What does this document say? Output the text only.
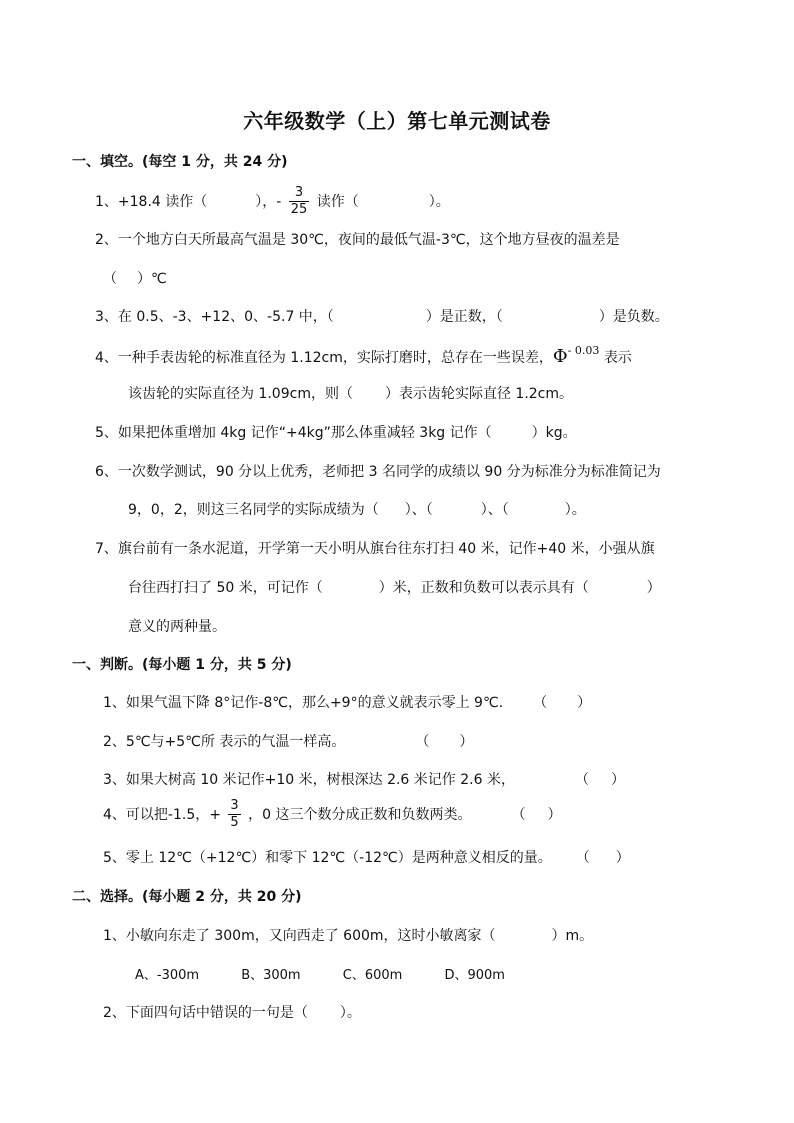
六年级数学（上）第七单元测试卷
一、填空。(每空 1 分，共 24 分)
1、+18.4 读作（	），- $\frac{3}{25}$ 读作（	）。
2、一个地方白天所最高气温是 30℃，夜间的最低气温-3℃，这个地方昼夜的温差是
（ ）℃
3、在 0.5、-3、+12、0、-5.7 中，（	）是正数，（	）是负数。
4、一种手表齿轮的标准直径为 1.12cm，实际打磨时，总存在一些误差，$\Phi^{- 0.03}$ 表示
该齿轮的实际直径为 1.09cm，则（ ）表示齿轮实际直径 1.2cm。
5、如果把体重增加 4kg 记作“+4kg”那么体重减轻 3kg 记作（	）kg。
6、一次数学测试，90 分以上优秀，老师把 3 名同学的成绩以 90 分为标准分为标准简记为
9，0，2，则这三名同学的实际成绩为（ ）、（	）、（	）。
7、旗台前有一条水泥道，开学第一天小明从旗台往东打扫 40 米，记作+40 米，小强从旗
台往西打扫了 50 米，可记作（	）米，正数和负数可以表示具有（	）
意义的两种量。
一、判断。(每小题 1 分，共 5 分)
1、如果气温下降 8°记作-8℃，那么+9°的意义就表示零上 9℃. （ ）
2、5℃与+5℃所 表示的气温一样高。	（ ）
3、如果大树高 10 米记作+10 米，树根深达 2.6 米记作 2.6 米，	（ ）
4、可以把-1.5，+ $\frac{3}{5}$ ，0 这三个数分成正数和负数两类。	（ ）
5、零上 12℃（+12℃）和零下 12℃（-12℃）是两种意义相反的量。 （ ）
二、选择。(每小题 2 分，共 20 分)
1、小敏向东走了 300m，又向西走了 600m，这时小敏离家（	）m。
A、-300m	B、300m	C、600m	D、900m
2、下面四句话中错误的一句是（ ）。
